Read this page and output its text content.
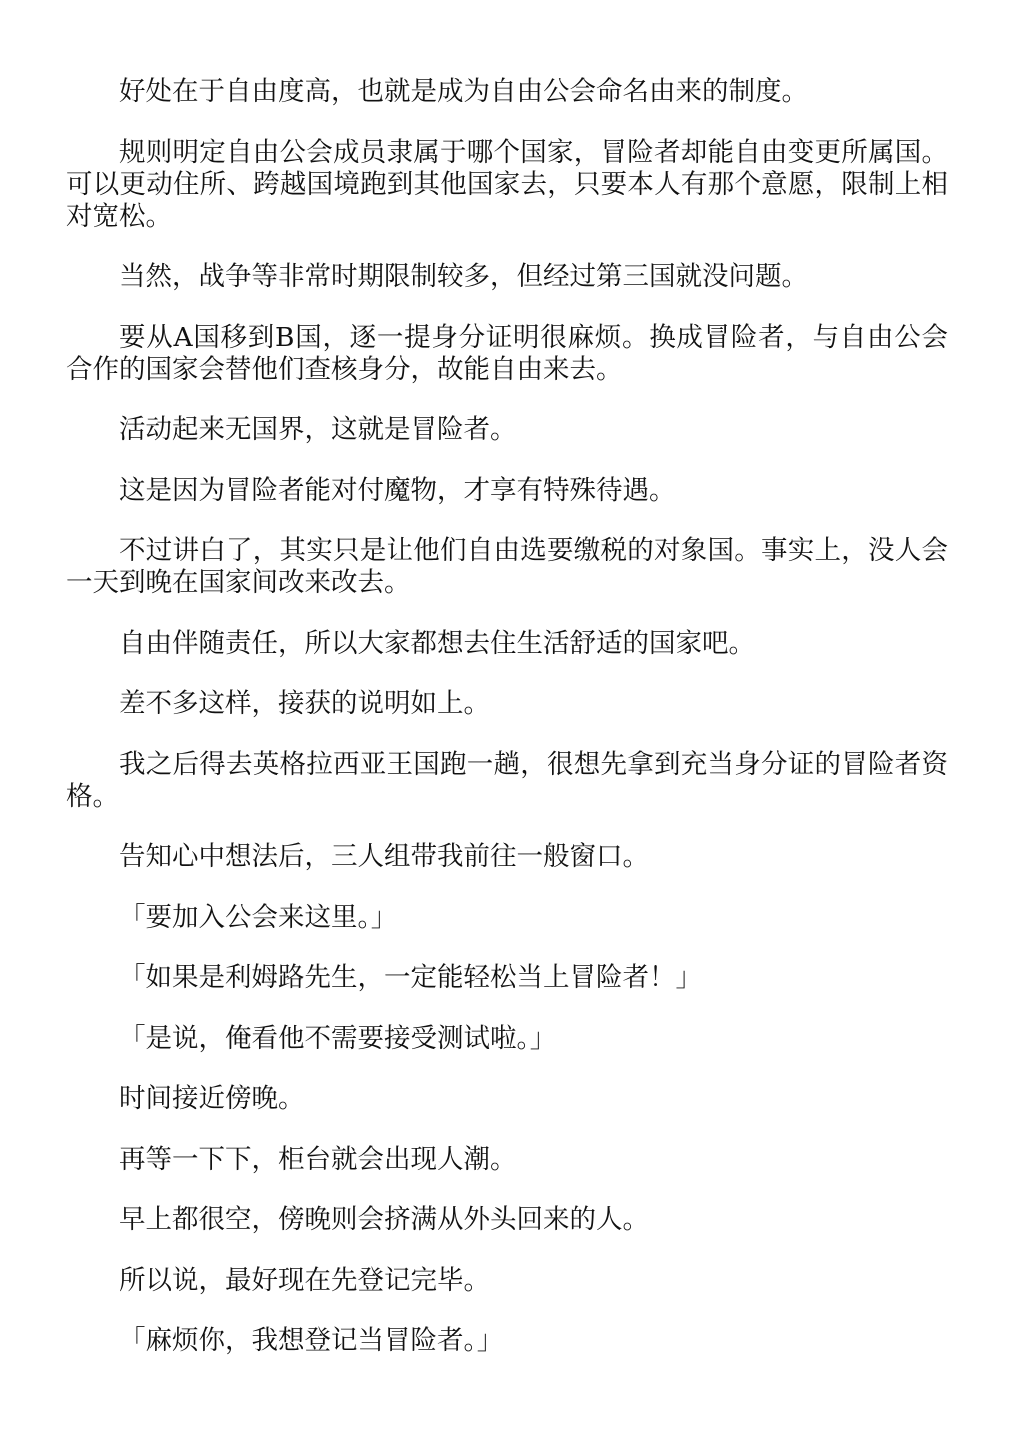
好处在于自由度高，也就是成为自由公会命名由来的制度。

规则明定自由公会成员隶属于哪个国家，冒险者却能自由变更所属国。可以更动住所、跨越国境跑到其他国家去，只要本人有那个意愿，限制上相对宽松。

当然，战争等非常时期限制较多，但经过第三国就没问题。

要从A国移到B国，逐一提身分证明很麻烦。换成冒险者，与自由公会合作的国家会替他们查核身分，故能自由来去。

活动起来无国界，这就是冒险者。

这是因为冒险者能对付魔物，才享有特殊待遇。

不过讲白了，其实只是让他们自由选要缴税的对象国。事实上，没人会一天到晚在国家间改来改去。

自由伴随责任，所以大家都想去住生活舒适的国家吧。

差不多这样，接获的说明如上。

我之后得去英格拉西亚王国跑一趟，很想先拿到充当身分证的冒险者资格。

告知心中想法后，三人组带我前往一般窗口。

「要加入公会来这里。」

「如果是利姆路先生，一定能轻松当上冒险者！」

「是说，俺看他不需要接受测试啦。」

时间接近傍晚。

再等一下下，柜台就会出现人潮。

早上都很空，傍晚则会挤满从外头回来的人。

所以说，最好现在先登记完毕。

「麻烦你，我想登记当冒险者。」
